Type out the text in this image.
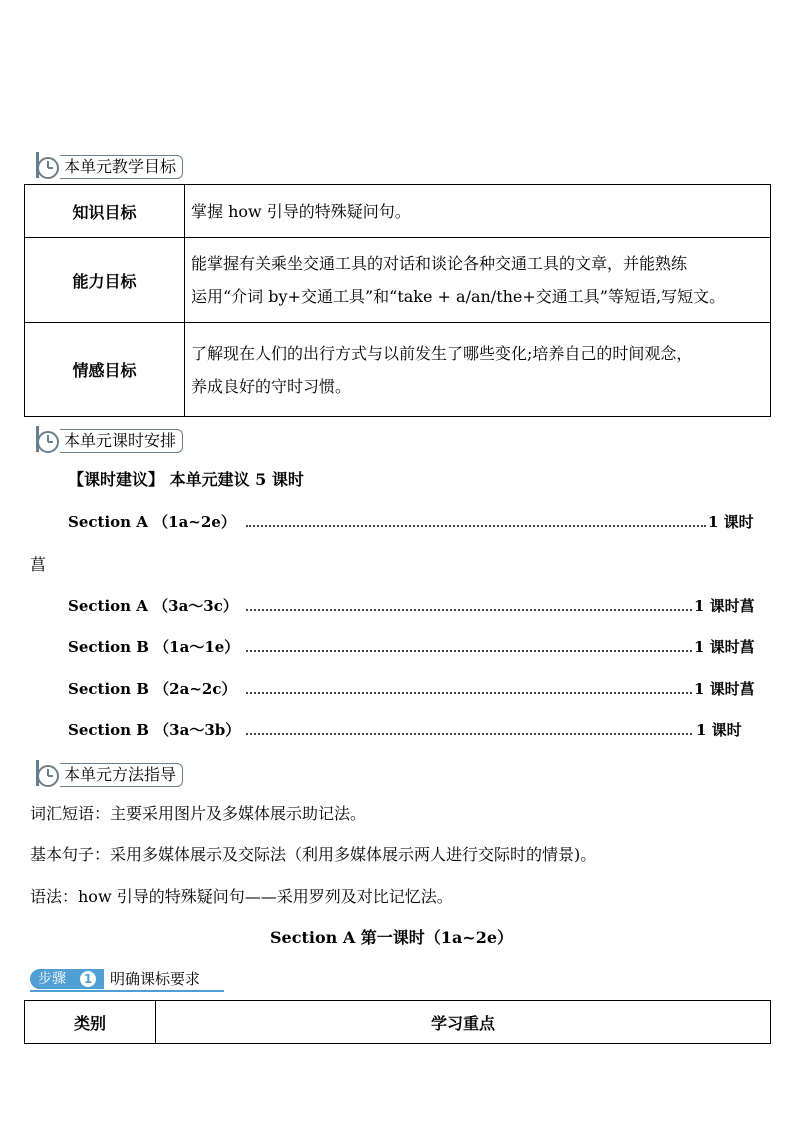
本单元教学目标
知识目标	掌握 how 引导的特殊疑问句。

能力目标	能掌握有关乘坐交通工具的对话和谈论各种交通工具的文章，并能熟练
运用“介词 by+交通工具”和“take + a/an/the+交通工具”等短语,写短文。

情感目标	了解现在人们的出行方式与以前发生了哪些变化;培养自己的时间观念，
养成良好的守时习惯。
本单元课时安排
【课时建议】 本单元建议 5 课时
Section A （1a~2e）	1 课时
菖
Section A （3a～3c）	1 课时菖
Section B （1a～1e）	1 课时菖
Section B （2a~2c）	1 课时菖
Section B （3a～3b）	1 课时
本单元方法指导
词汇短语：主要采用图片及多媒体展示助记法。
基本句子：采用多媒体展示及交际法（利用多媒体展示两人进行交际时的情景)。
语法：how 引导的特殊疑问句——采用罗列及对比记忆法。
Section A 第一课时（1a~2e）
步骤	1 明确课标要求
类别	学习重点
